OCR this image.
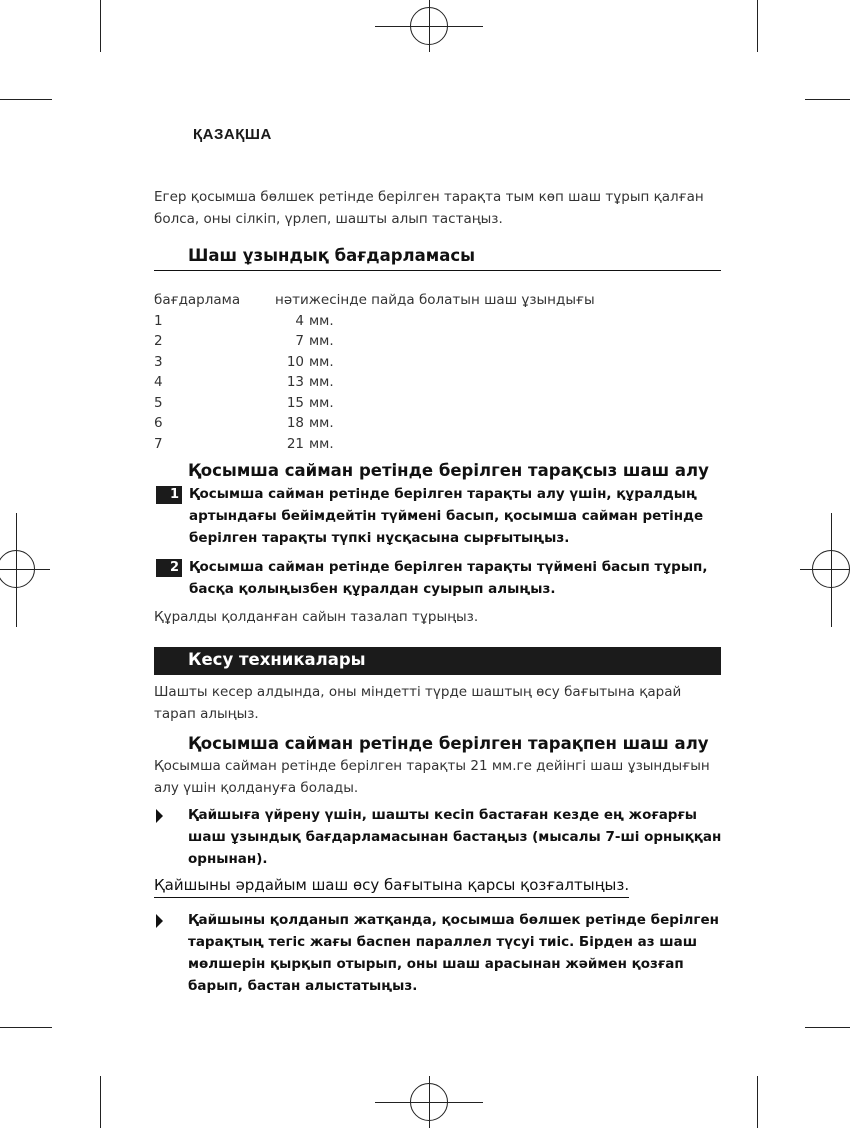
ҚАЗАҚША

Егер қосымша бөлшек ретінде берілген тарақта тым көп шаш тұрып қалған болса, оны сілкіп, үрлеп, шашты алып тастаңыз.

Шаш ұзындық бағдарламасы
бағдарлама	нәтижесінде пайда болатын шаш ұзындығы
1	4 мм.
2	7 мм.
3	10 мм.
4	13 мм.
5	15 мм.
6	18 мм.
7	21 мм.
Қосымша сайман ретінде берілген тарақсыз шаш алу
1 Қосымша сайман ретінде берілген тарақты алу үшін, құралдың артындағы бейімдейтін түймені басып, қосымша сайман ретінде берілген тарақты түпкі нұсқасына сырғытыңыз.

2 Қосымша сайман ретінде берілген тарақты түймені басып тұрып, басқа қолыңызбен құралдан суырып алыңыз.

Құралды қолданған сайын тазалап тұрыңыз.

Кесу техникалары

Шашты кесер алдында, оны міндетті түрде шаштың өсу бағытына қарай тарап алыңыз.

Қосымша сайман ретінде берілген тарақпен шаш алу

Қосымша сайман ретінде берілген тарақты 21 мм.ге дейінгі шаш ұзындығын алу үшін қолдануға болады.

Қайшыға үйрену үшін, шашты кесіп бастаған кезде ең жоғарғы шаш ұзындық бағдарламасынан бастаңыз (мысалы 7-ші орныққан орнынан).

Қайшыны әрдайым шаш өсу бағытына қарсы қозғалтыңыз.

Қайшыны қолданып жатқанда, қосымша бөлшек ретінде берілген тарақтың тегіс жағы баспен параллел түсуі тиіс. Бірден аз шаш мөлшерін қырқып отырып, оны шаш арасынан жәймен қозғап барып, бастан алыстатыңыз.
